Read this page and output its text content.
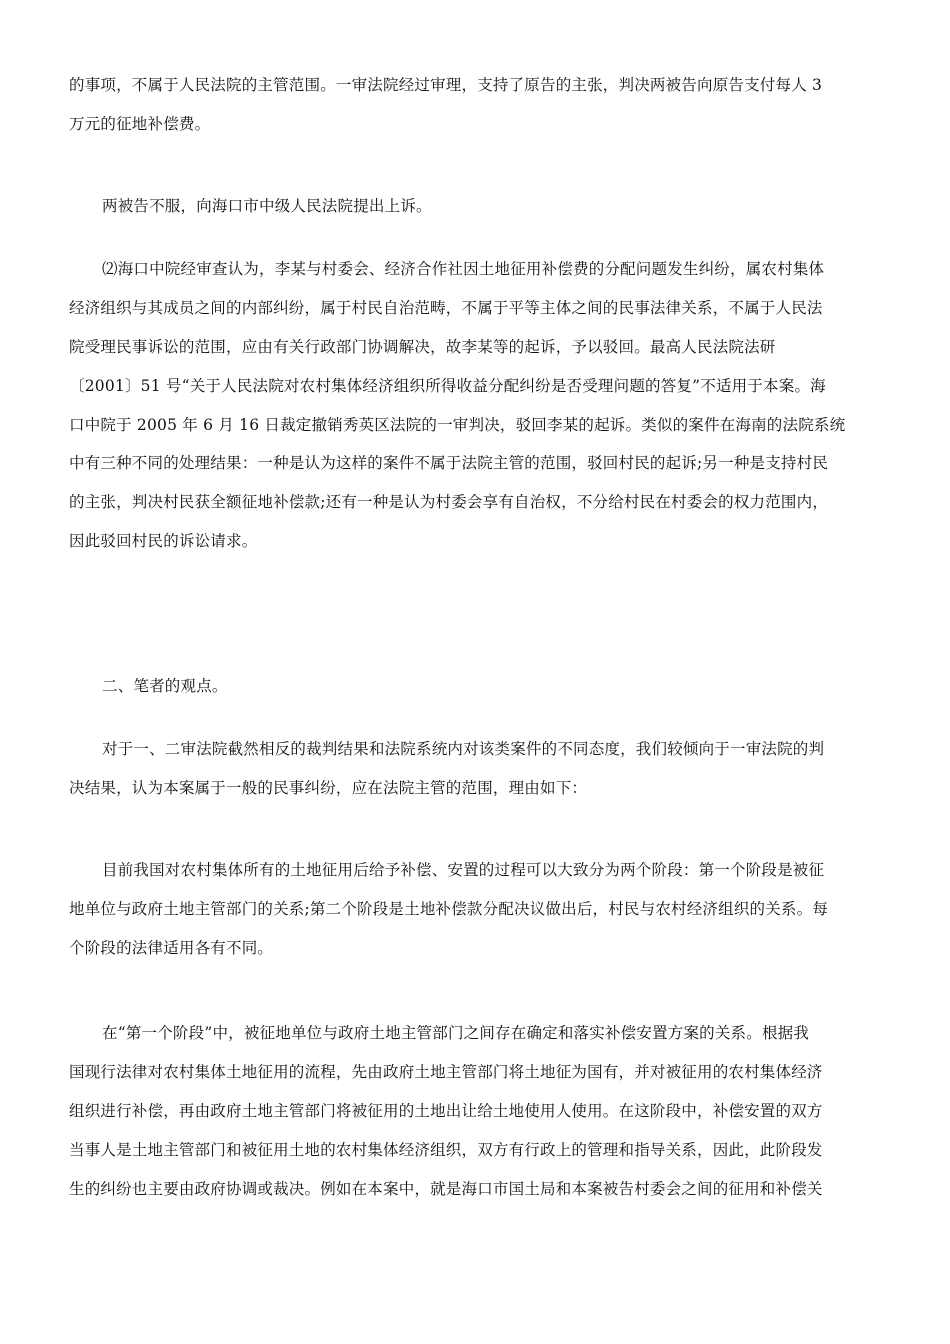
的事项，不属于人民法院的主管范围。一审法院经过审理，支持了原告的主张，判决两被告向原告支付每人 3
万元的征地补偿费。
两被告不服，向海口市中级人民法院提出上诉。
⑵海口中院经审查认为，李某与村委会、经济合作社因土地征用补偿费的分配问题发生纠纷，属农村集体
经济组织与其成员之间的内部纠纷，属于村民自治范畴，不属于平等主体之间的民事法律关系，不属于人民法
院受理民事诉讼的范围，应由有关行政部门协调解决，故李某等的起诉，予以驳回。最高人民法院法研
〔2001〕51 号“关于人民法院对农村集体经济组织所得收益分配纠纷是否受理问题的答复”不适用于本案。海
口中院于 2005 年 6 月 16 日裁定撤销秀英区法院的一审判决，驳回李某的起诉。类似的案件在海南的法院系统
中有三种不同的处理结果：一种是认为这样的案件不属于法院主管的范围，驳回村民的起诉;另一种是支持村民
的主张，判决村民获全额征地补偿款;还有一种是认为村委会享有自治权，不分给村民在村委会的权力范围内，
因此驳回村民的诉讼请求。
二、笔者的观点。
对于一、二审法院截然相反的裁判结果和法院系统内对该类案件的不同态度，我们较倾向于一审法院的判
决结果，认为本案属于一般的民事纠纷，应在法院主管的范围，理由如下：
目前我国对农村集体所有的土地征用后给予补偿、安置的过程可以大致分为两个阶段：第一个阶段是被征
地单位与政府土地主管部门的关系;第二个阶段是土地补偿款分配决议做出后，村民与农村经济组织的关系。每
个阶段的法律适用各有不同。
在“第一个阶段”中，被征地单位与政府土地主管部门之间存在确定和落实补偿安置方案的关系。根据我
国现行法律对农村集体土地征用的流程，先由政府土地主管部门将土地征为国有，并对被征用的农村集体经济
组织进行补偿，再由政府土地主管部门将被征用的土地出让给土地使用人使用。在这阶段中，补偿安置的双方
当事人是土地主管部门和被征用土地的农村集体经济组织，双方有行政上的管理和指导关系，因此，此阶段发
生的纠纷也主要由政府协调或裁决。例如在本案中，就是海口市国土局和本案被告村委会之间的征用和补偿关
